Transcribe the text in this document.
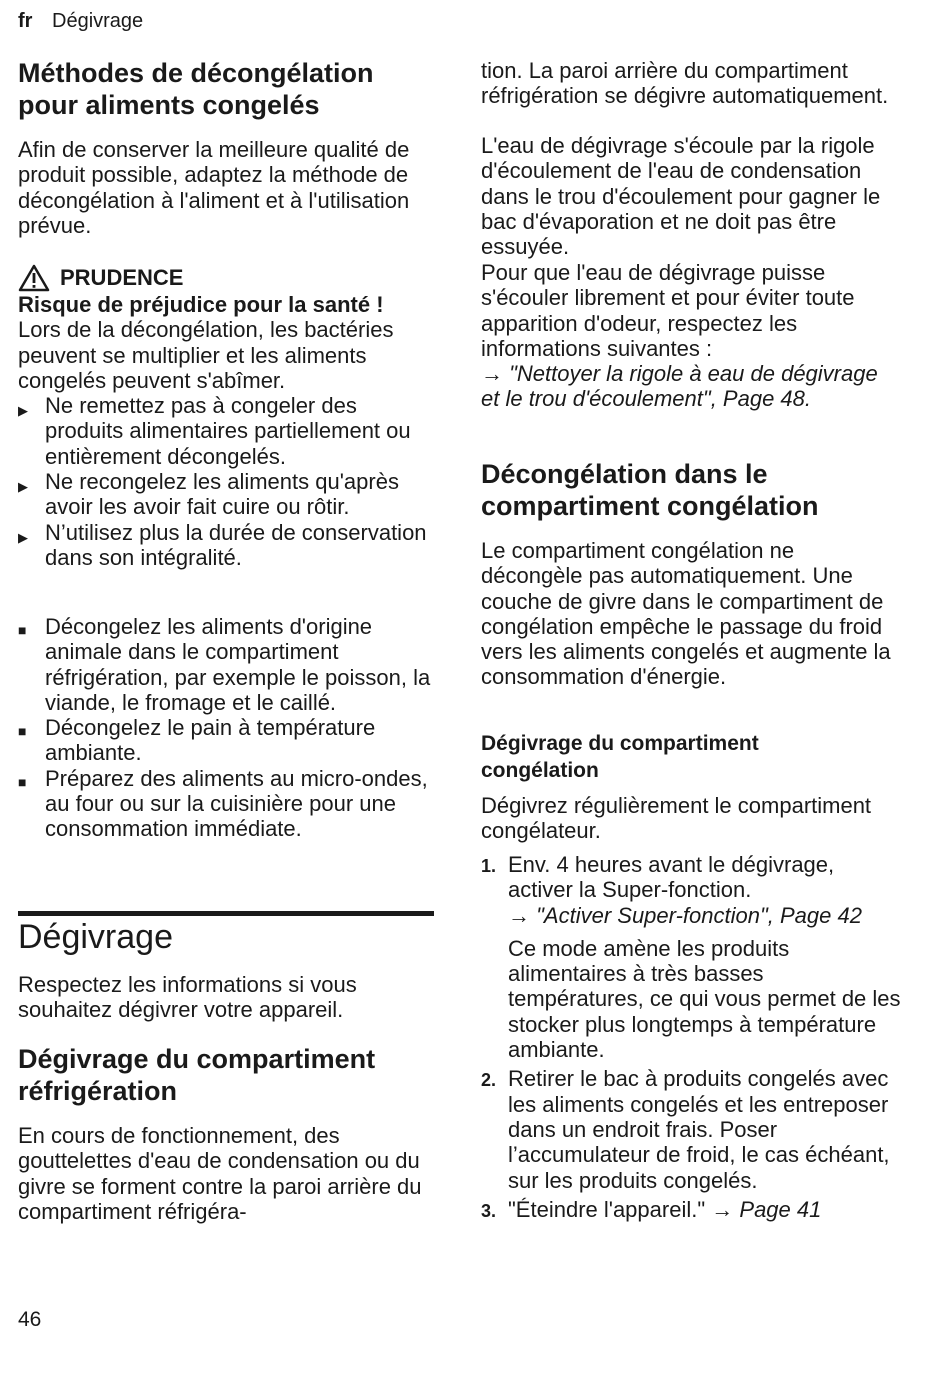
fr Dégivrage
Méthodes de décongélation pour aliments congelés

Afin de conserver la meilleure qualité de produit possible, adaptez la méthode de décongélation à l'aliment et à l'utilisation prévue.

PRUDENCE
Risque de préjudice pour la santé !

Lors de la décongélation, les bactéries peuvent se multiplier et les aliments congelés peuvent s'abîmer.

▶ Ne remettez pas à congeler des produits alimentaires partiellement ou entièrement décongelés.
▶ Ne recongelez les aliments qu'après avoir les avoir fait cuire ou rôtir.
▶ N’utilisez plus la durée de conservation dans son intégralité.
■ Décongelez les aliments d'origine animale dans le compartiment réfrigération, par exemple le poisson, la viande, le fromage et le caillé.
■ Décongelez le pain à température ambiante.
■ Préparez des aliments au micro-ondes, au four ou sur la cuisinière pour une consommation immédiate.
Dégivrage

Respectez les informations si vous souhaitez dégivrer votre appareil.

Dégivrage du compartiment réfrigération

En cours de fonctionnement, des gouttelettes d'eau de condensation ou du givre se forment contre la paroi arrière du compartiment réfrigéra-

tion. La paroi arrière du compartiment réfrigération se dégivre automatiquement.

L'eau de dégivrage s'écoule par la rigole d'écoulement de l'eau de condensation dans le trou d'écoulement pour gagner le bac d'évaporation et ne doit pas être essuyée.

Pour que l'eau de dégivrage puisse s'écouler librement et pour éviter toute apparition d'odeur, respectez les informations suivantes :

→ "Nettoyer la rigole à eau de dégivrage et le trou d'écoulement", Page 48.

Décongélation dans le compartiment congélation

Le compartiment congélation ne décongèle pas automatiquement. Une couche de givre dans le compartiment de congélation empêche le passage du froid vers les aliments congelés et augmente la consommation d'énergie.

Dégivrage du compartiment congélation

Dégivrez régulièrement le compartiment congélateur.

1. Env. 4 heures avant le dégivrage, activer la Super-fonction.
→ "Activer Super-fonction", Page 42
Ce mode amène les produits alimentaires à très basses températures, ce qui vous permet de les stocker plus longtemps à température ambiante.
2. Retirer le bac à produits congelés avec les aliments congelés et les entreposer dans un endroit frais. Poser l’accumulateur de froid, le cas échéant, sur les produits congelés.
3. "Éteindre l'appareil." → Page 41
46
